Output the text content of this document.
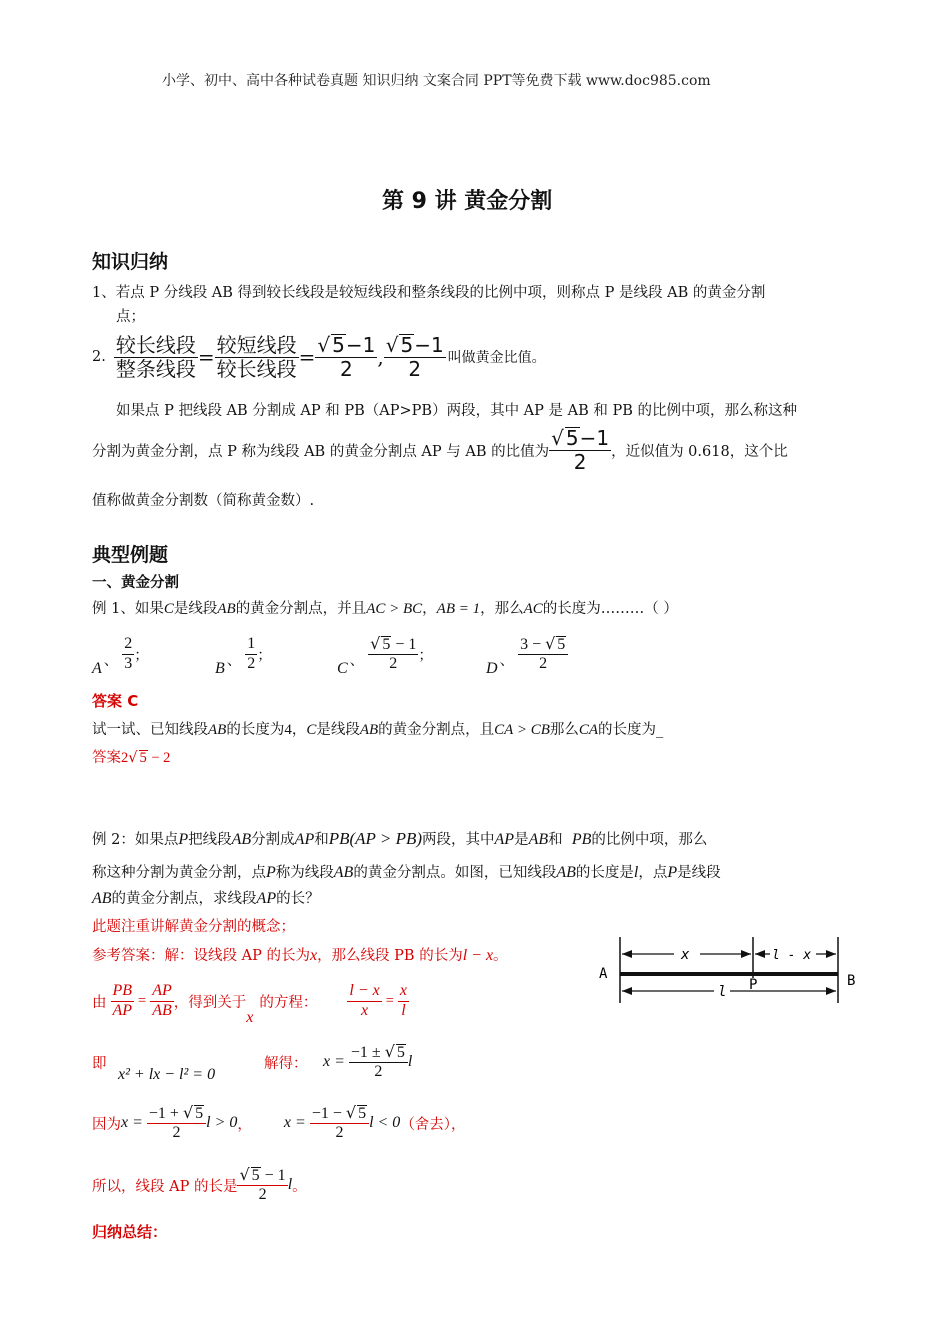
小学、初中、高中各种试卷真题 知识归纳 文案合同 PPT等免费下载 www.doc985.com
第 9 讲 黄金分割
知识归纳
1、若点 P 分线段 AB 得到较长线段是较短线段和整条线段的比例中项，则称点 P 是线段 AB 的黄金分割
点；
2. $\frac{\text{较长线段}}{\text{整条线段}} = \frac{\text{较短线段}}{\text{较长线段}} = \frac{√ 5-1}{2}$ , $\frac{√ 5-1}{2}$ 叫做黄金比值。
如果点 P 把线段 AB 分割成 AP 和 PB（AP>PB）两段，其中 AP 是 AB 和 PB 的比例中项，那么称这种
分割为黄金分割，点 P 称为线段 AB 的黄金分割点 AP 与 AB 的比值为 $\frac{√ 5-1}{2}$ ，近似值为 0.618，这个比
值称做黄金分割数（简称黄金数）.
典型例题
一、黄金分割
例 1、如果C是线段AB的黄金分割点，并且AC > BC，AB = 1，那么AC的长度为………（ ）
A 、 $\frac{2}{3}$ ；
B 、 $\frac{1}{2}$ ；
C 、 $\frac{√ 5 - 1}{2}$ ；
D 、 $\frac{3 - √ 5}{2}$
答案 C
试一试、已知线段AB的长度为4，C是线段AB的黄金分割点，且CA > CB那么CA的长度为_
答案2√ 5 − 2
例 2：如果点P把线段AB分割成AP和PB(AP > PB)两段，其中AP是AB和 PB的比例中项，那么
称这种分割为黄金分割，点P称为线段AB的黄金分割点。如图，已知线段AB的长度是l，点P是线段
AB的黄金分割点，求线段AP的长？
此题注重讲解黄金分割的概念；
参考答案：解：设线段 AP 的长为x，那么线段 PB 的长为l − x。
由 $\frac{PB}{AP} = \frac{AP}{AB}$ ，得到关于
x
的方程： $\frac{l - x}{x} = \frac{x}{l}$
即
x² + lx − l² = 0
解得： $x = \frac{-1 \pm √ 5}{2}$ l
因为 $x = \frac{-1 + √ 5}{2}$ l > 0 ， $x = \frac{-1 - √ 5}{2}$ l < 0 （舍去），
所以，线段 AP 的长是 $\frac{√ 5 - 1}{2}$ l 。
归纳总结：
x	l - x
l
A	B
P
